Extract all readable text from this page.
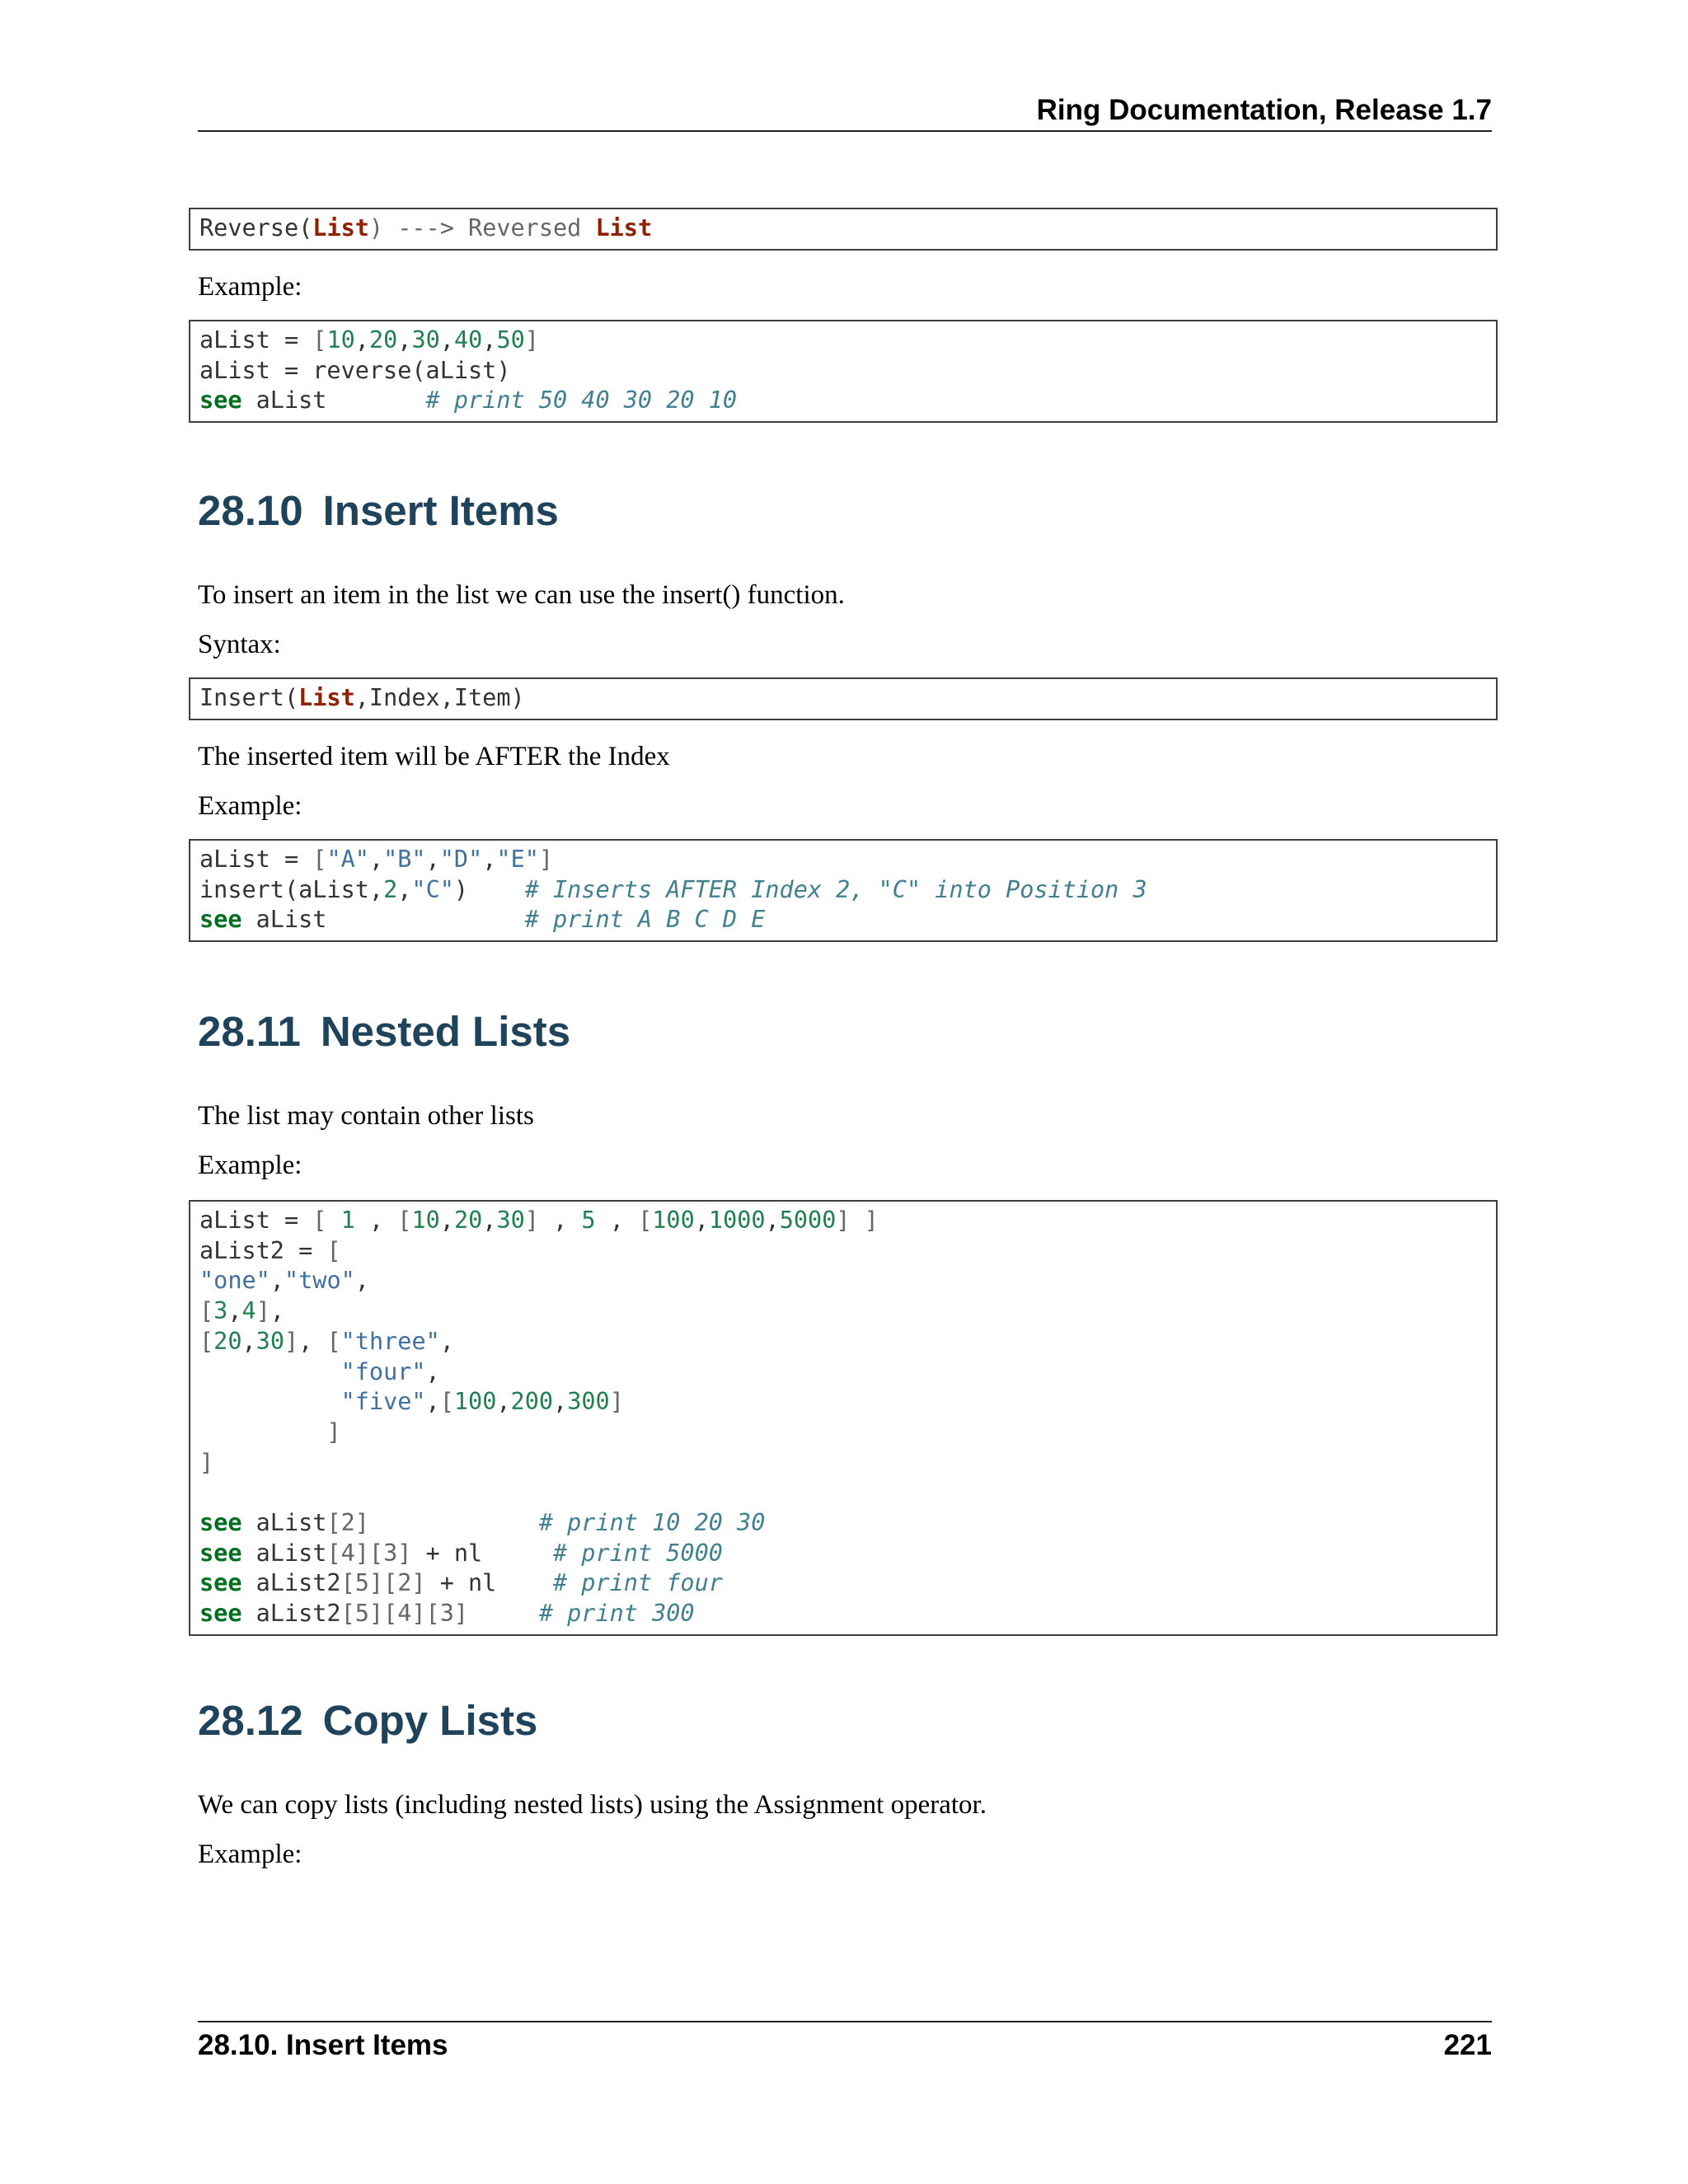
Ring Documentation, Release 1.7
Reverse(List) ---> Reversed List

Example:

aList = [10,20,30,40,50]
aList = reverse(aList)
see aList       # print 50 40 30 20 10
28.10 Insert Items

To insert an item in the list we can use the insert() function.

Syntax:

Insert(List,Index,Item)

The inserted item will be AFTER the Index

Example:

aList = ["A","B","D","E"]
insert(aList,2,"C")    # Inserts AFTER Index 2, "C" into Position 3
see aList              # print A B C D E
28.11 Nested Lists

The list may contain other lists

Example:

aList = [ 1 , [10,20,30] , 5 , [100,1000,5000] ]
aList2 = [
"one","two",
[3,4],
[20,30], ["three",
"four",
"five",[100,200,300]
]
]

see aList[2]	# print 10 20 30
see aList[4][3] + nl     # print 5000
see aList2[5][2] + nl    # print four
see aList2[5][4][3]	# print 300
28.12 Copy Lists

We can copy lists (including nested lists) using the Assignment operator.

Example:

28.10. Insert Items	221
